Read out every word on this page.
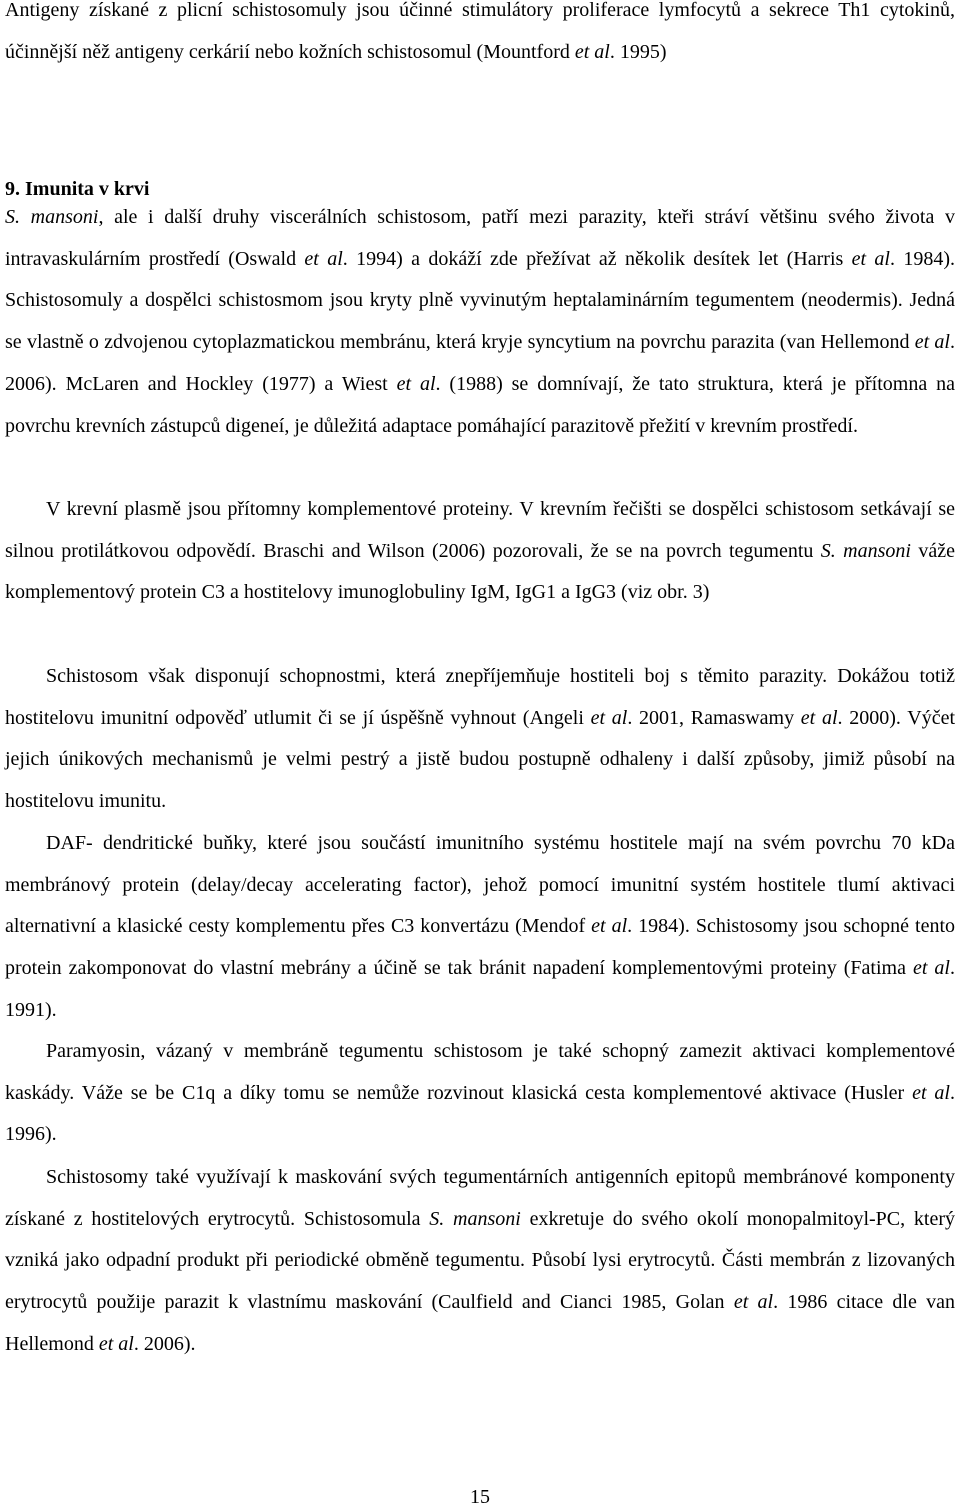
Antigeny získané z plicní schistosomuly jsou účinné stimulátory proliferace lymfocytů a sekrece Th1 cytokinů, účinnější něž antigeny cerkárií nebo kožních schistosomul (Mountford et al. 1995)

9. Imunita v krvi

S. mansoni, ale i další druhy viscerálních schistosom, patří mezi parazity, kteři stráví většinu svého života v intravaskulárním prostředí (Oswald et al. 1994) a dokáží zde přežívat až několik desítek let (Harris et al. 1984). Schistosomuly a dospělci schistosmom jsou kryty plně vyvinutým heptalaminárním tegumentem (neodermis). Jedná se vlastně o zdvojenou cytoplazmatickou membránu, která kryje syncytium na povrchu parazita (van Hellemond et al. 2006). McLaren and Hockley (1977) a Wiest et al. (1988) se domnívají, že tato struktura, která je přítomna na povrchu krevních zástupců digeneí, je důležitá adaptace pomáhající parazitově přežití v krevním prostředí.

V krevní plasmě jsou přítomny komplementové proteiny. V krevním řečišti se dospělci schistosom setkávají se silnou protilátkovou odpovědí. Braschi and Wilson (2006) pozorovali, že se na povrch tegumentu S. mansoni váže komplementový protein C3 a hostitelovy imunoglobuliny IgM, IgG1 a IgG3 (viz obr. 3)

Schistosom však disponují schopnostmi, která znepříjemňuje hostiteli boj s těmito parazity. Dokážou totiž hostitelovu imunitní odpověď utlumit či se jí úspěšně vyhnout (Angeli et al. 2001, Ramaswamy et al. 2000). Výčet jejich únikových mechanismů je velmi pestrý a jistě budou postupně odhaleny i další způsoby, jimiž působí na hostitelovu imunitu.

DAF- dendritické buňky, které jsou součástí imunitního systému hostitele mají na svém povrchu 70 kDa membránový protein (delay/decay accelerating factor), jehož pomocí imunitní systém hostitele tlumí aktivaci alternativní a klasické cesty komplementu přes C3 konvertázu (Mendof et al. 1984). Schistosomy jsou schopné tento protein zakomponovat do vlastní mebrány a účině se tak bránit napadení komplementovými proteiny (Fatima et al. 1991).

Paramyosin, vázaný v membráně tegumentu schistosom je také schopný zamezit aktivaci komplementové kaskády. Váže se be C1q a díky tomu se nemůže rozvinout klasická cesta komplementové aktivace (Husler et al. 1996).

Schistosomy také využívají k maskování svých tegumentárních antigenních epitopů membránové komponenty získané z hostitelových erytrocytů. Schistosomula S. mansoni exkretuje do svého okolí monopalmitoyl-PC, který vzniká jako odpadní produkt při periodické obměně tegumentu. Působí lysi erytrocytů. Části membrán z lizovaných erytrocytů použije parazit k vlastnímu maskování (Caulfield and Cianci 1985, Golan et al. 1986 citace dle van Hellemond et al. 2006).

15
